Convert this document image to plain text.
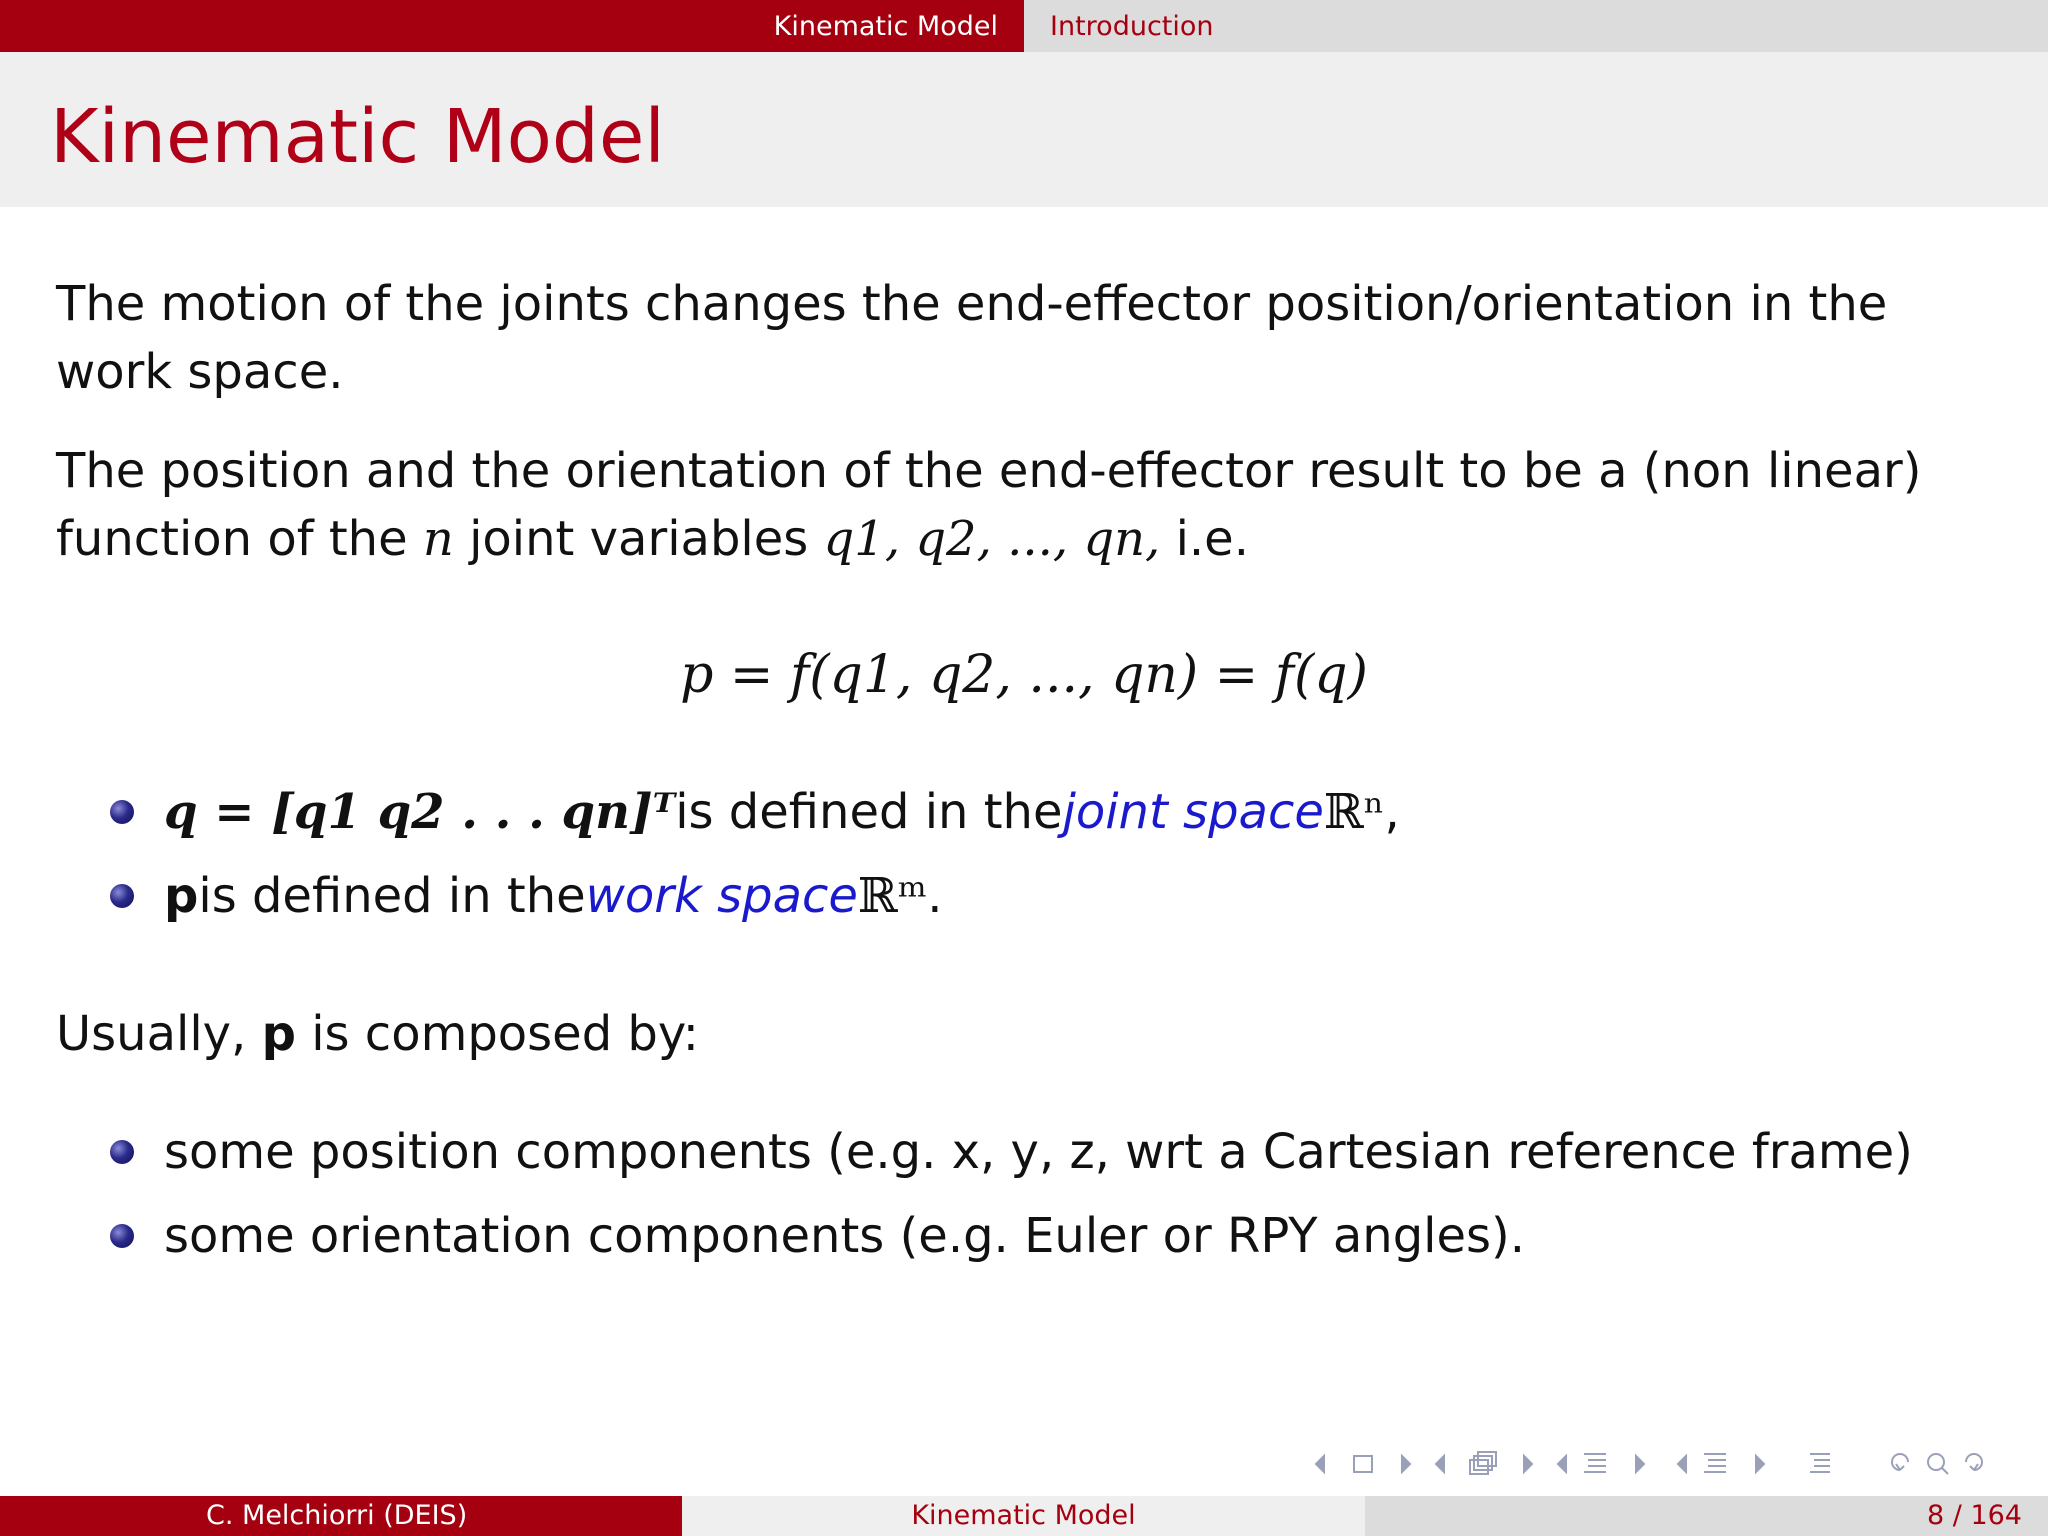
Kinematic Model	Introduction
Kinematic Model
The motion of the joints changes the end-effector position/orientation in the work space.
The position and the orientation of the end-effector result to be a (non linear) function of the n joint variables q1, q2, ..., qn, i.e.
p = f(q1, q2, ..., qn) = f(q)
q = [q1 q2 . . . qn]ᵀ is defined in the joint space ℝⁿ ,
p is defined in the work space ℝᵐ .
Usually, p is composed by:
some position components (e.g. x, y, z, wrt a Cartesian reference frame)
some orientation components (e.g. Euler or RPY angles).
C. Melchiorri (DEIS)	Kinematic Model	8 / 164
